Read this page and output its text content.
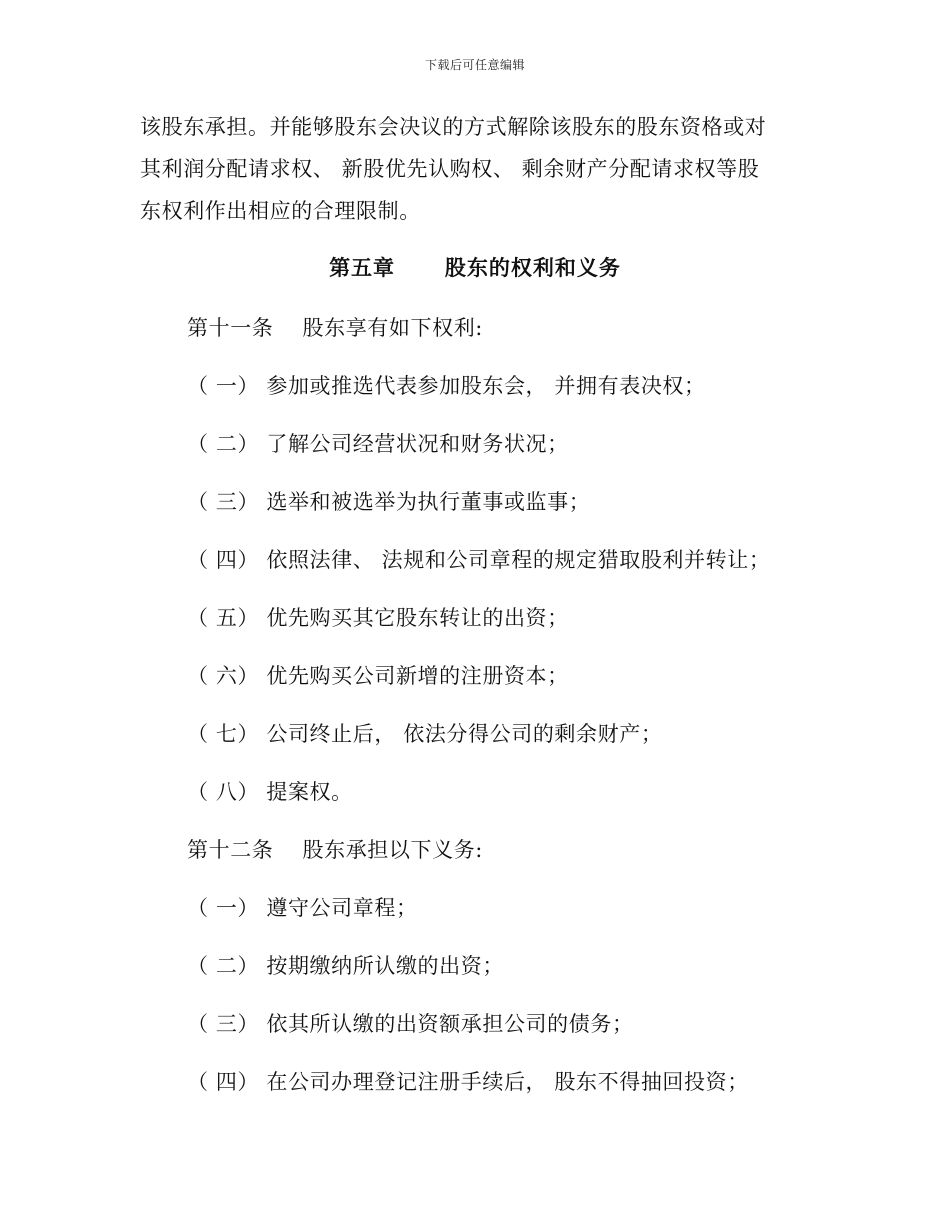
下载后可任意编辑
该股东承担。并能够股东会决议的方式解除该股东的股东资格或对
其利润分配请求权、 新股优先认购权、 剩余财产分配请求权等股
东权利作出相应的合理限制。
第五章      股东的权利和义务
第十一条    股东享有如下权利:
（ 一） 参加或推选代表参加股东会， 并拥有表决权；
（ 二） 了解公司经营状况和财务状况；
（ 三） 选举和被选举为执行董事或监事；
（ 四） 依照法律、 法规和公司章程的规定猎取股利并转让；
（ 五） 优先购买其它股东转让的出资；
（ 六） 优先购买公司新增的注册资本；
（ 七） 公司终止后， 依法分得公司的剩余财产；
（ 八） 提案权。
第十二条    股东承担以下义务:
（ 一） 遵守公司章程；
（ 二） 按期缴纳所认缴的出资；
（ 三） 依其所认缴的出资额承担公司的债务；
（ 四） 在公司办理登记注册手续后， 股东不得抽回投资；
